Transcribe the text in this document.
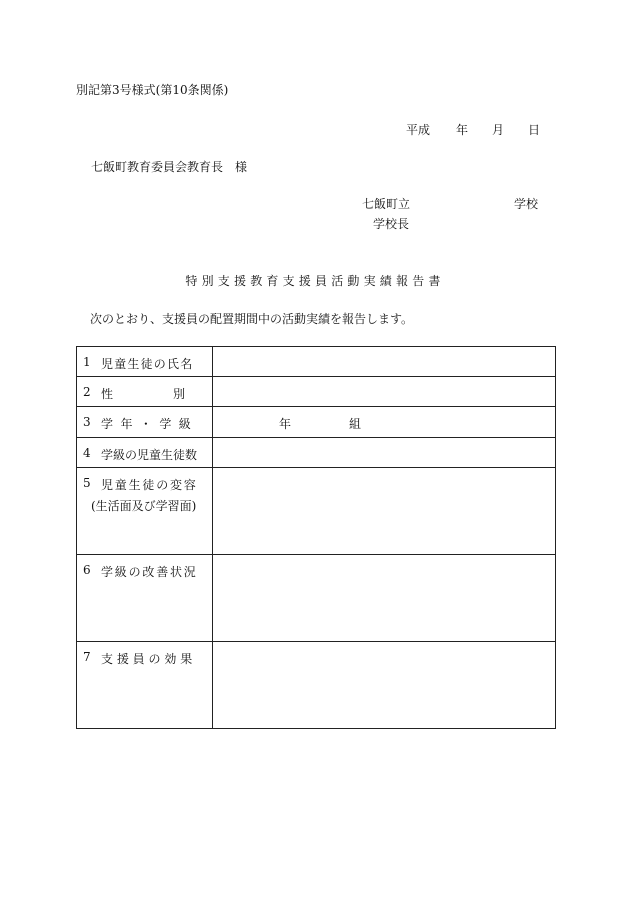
別記第3号様式(第10条関係)
平成 年 月 日
七飯町教育委員会教育長　様
七飯町立	学校
学校長
特別支援教育支援員活動実績報告書
次のとおり、支援員の配置期間中の活動実績を報告します。
1 児童生徒の氏名	

2 性 別	

3 学年・学級	年 組

4 学級の児童生徒数	

5 児童生徒の変容
(生活面及び学習面)	

6 学級の改善状況	

7 支援員の効果	
